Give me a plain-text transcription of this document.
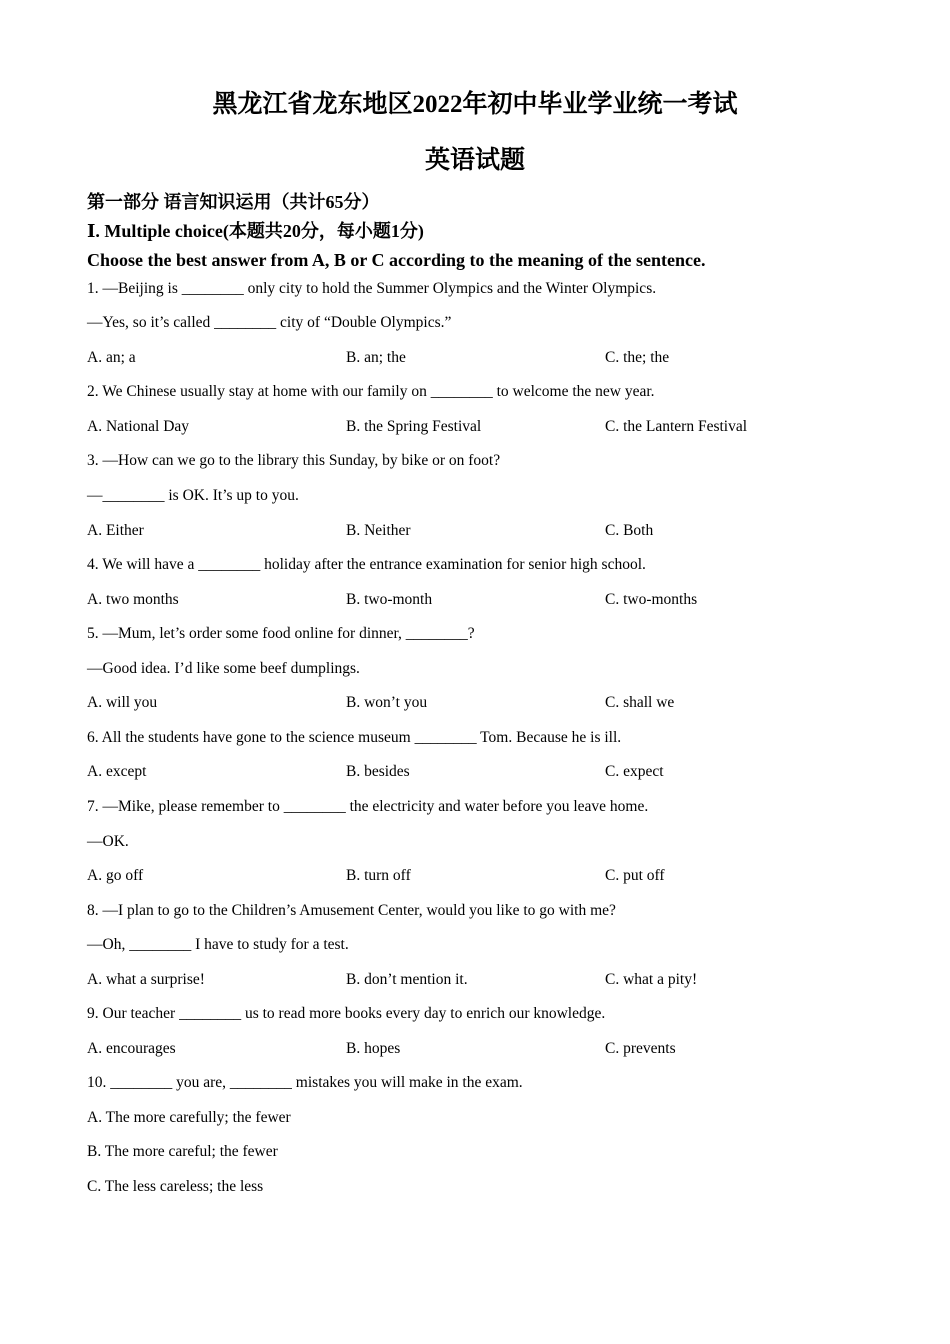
黑龙江省龙东地区2022年初中毕业学业统一考试
英语试题
第一部分 语言知识运用（共计65分）
Ⅰ. Multiple choice(本题共20分，每小题1分)
Choose the best answer from A, B or C according to the meaning of the sentence.
1. —Beijing is ________ only city to hold the Summer Olympics and the Winter Olympics.
—Yes, so it’s called ________ city of “Double Olympics.”
A. an; a	B. an; the	C. the; the
2. We Chinese usually stay at home with our family on ________ to welcome the new year.
A. National Day	B. the Spring Festival	C. the Lantern Festival
3. —How can we go to the library this Sunday, by bike or on foot?
—________ is OK. It’s up to you.
A. Either	B. Neither	C. Both
4. We will have a ________ holiday after the entrance examination for senior high school.
A. two months	B. two-month	C. two-months
5. —Mum, let’s order some food online for dinner, ________?
—Good idea. I’d like some beef dumplings.
A. will you	B. won’t you	C. shall we
6. All the students have gone to the science museum ________ Tom. Because he is ill.
A. except	B. besides	C. expect
7. —Mike, please remember to ________ the electricity and water before you leave home.
—OK.
A. go off	B. turn off	C. put off
8. —I plan to go to the Children’s Amusement Center, would you like to go with me?
—Oh, ________ I have to study for a test.
A. what a surprise!	B. don’t mention it.	C. what a pity!
9. Our teacher ________ us to read more books every day to enrich our knowledge.
A. encourages	B. hopes	C. prevents
10. ________ you are, ________ mistakes you will make in the exam.
A. The more carefully; the fewer
B. The more careful; the fewer
C. The less careless; the less
